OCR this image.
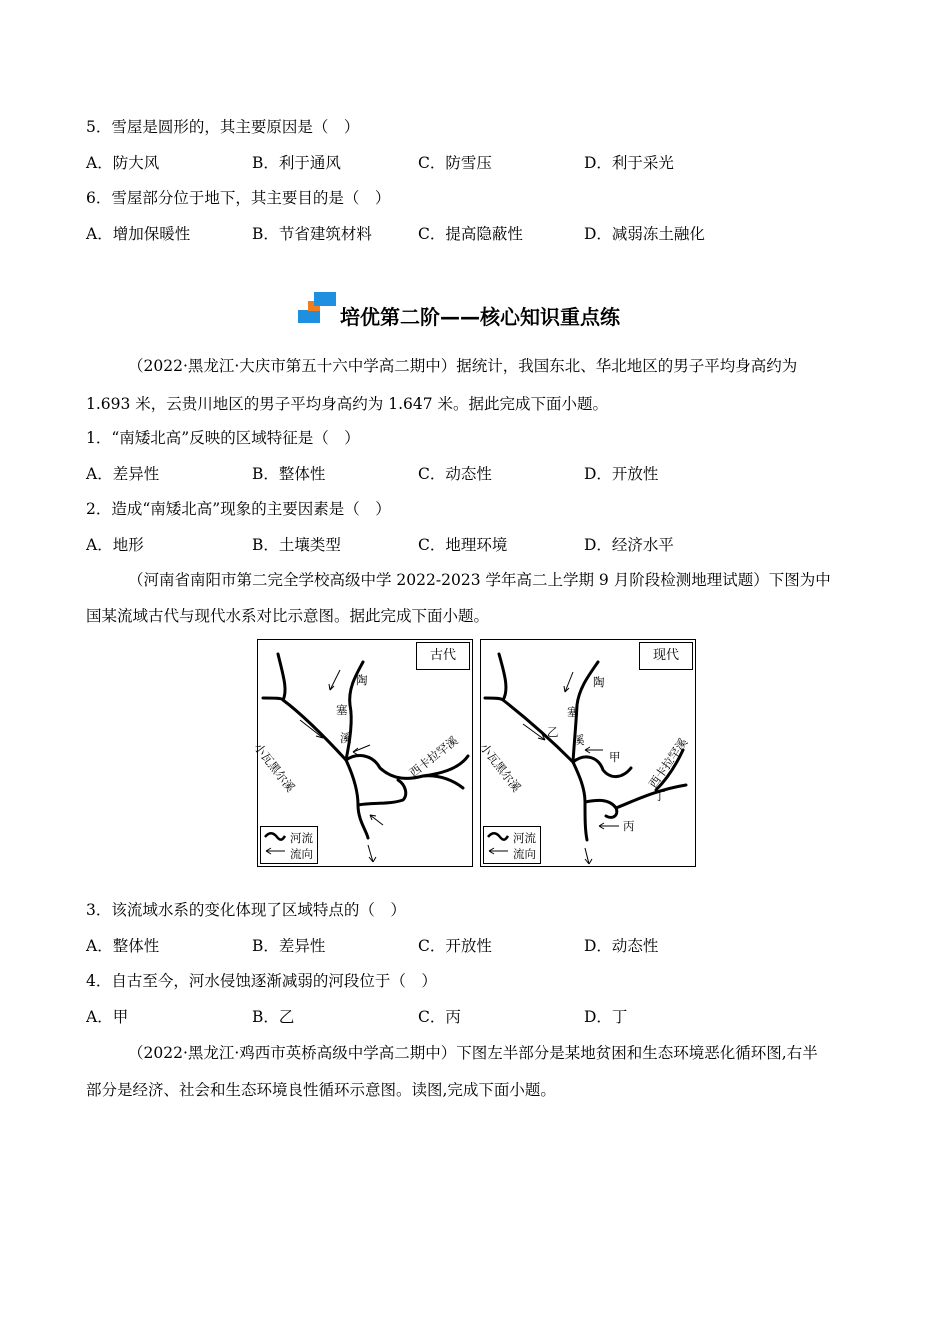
5．雪屋是圆形的，其主要原因是（　）
A．防大风	B．利于通风	C．防雪压	D．利于采光
6．雪屋部分位于地下，其主要目的是（　）
A．增加保暖性	B．节省建筑材料	C．提高隐蔽性	D．减弱冻土融化
培优第二阶——核心知识重点练
（2022·黑龙江·大庆市第五十六中学高二期中）据统计，我国东北、华北地区的男子平均身高约为
1.693 米，云贵川地区的男子平均身高约为 1.647 米。据此完成下面小题。
1．“南矮北高”反映的区域特征是（　）
A．差异性	B．整体性	C．动态性	D．开放性
2．造成“南矮北高”现象的主要因素是（　）
A．地形	B．土壤类型	C．地理环境	D．经济水平
（河南省南阳市第二完全学校高级中学 2022-2023 学年高二上学期 9 月阶段检测地理试题）下图为中
国某流域古代与现代水系对比示意图。据此完成下面小题。
古代
陶
塞
溪
小瓦黑尔溪	西卡拉罕溪
河流
流向
现代
陶
塞
溪
乙
甲
丙
丁
小瓦黑尔溪	西卡拉罕溪
河流
流向
3．该流域水系的变化体现了区域特点的（　）
A．整体性	B．差异性	C．开放性	D．动态性
4．自古至今，河水侵蚀逐渐减弱的河段位于（　）
A．甲	B．乙	C．丙	D．丁
（2022·黑龙江·鸡西市英桥高级中学高二期中）下图左半部分是某地贫困和生态环境恶化循环图,右半
部分是经济、社会和生态环境良性循环示意图。读图,完成下面小题。
